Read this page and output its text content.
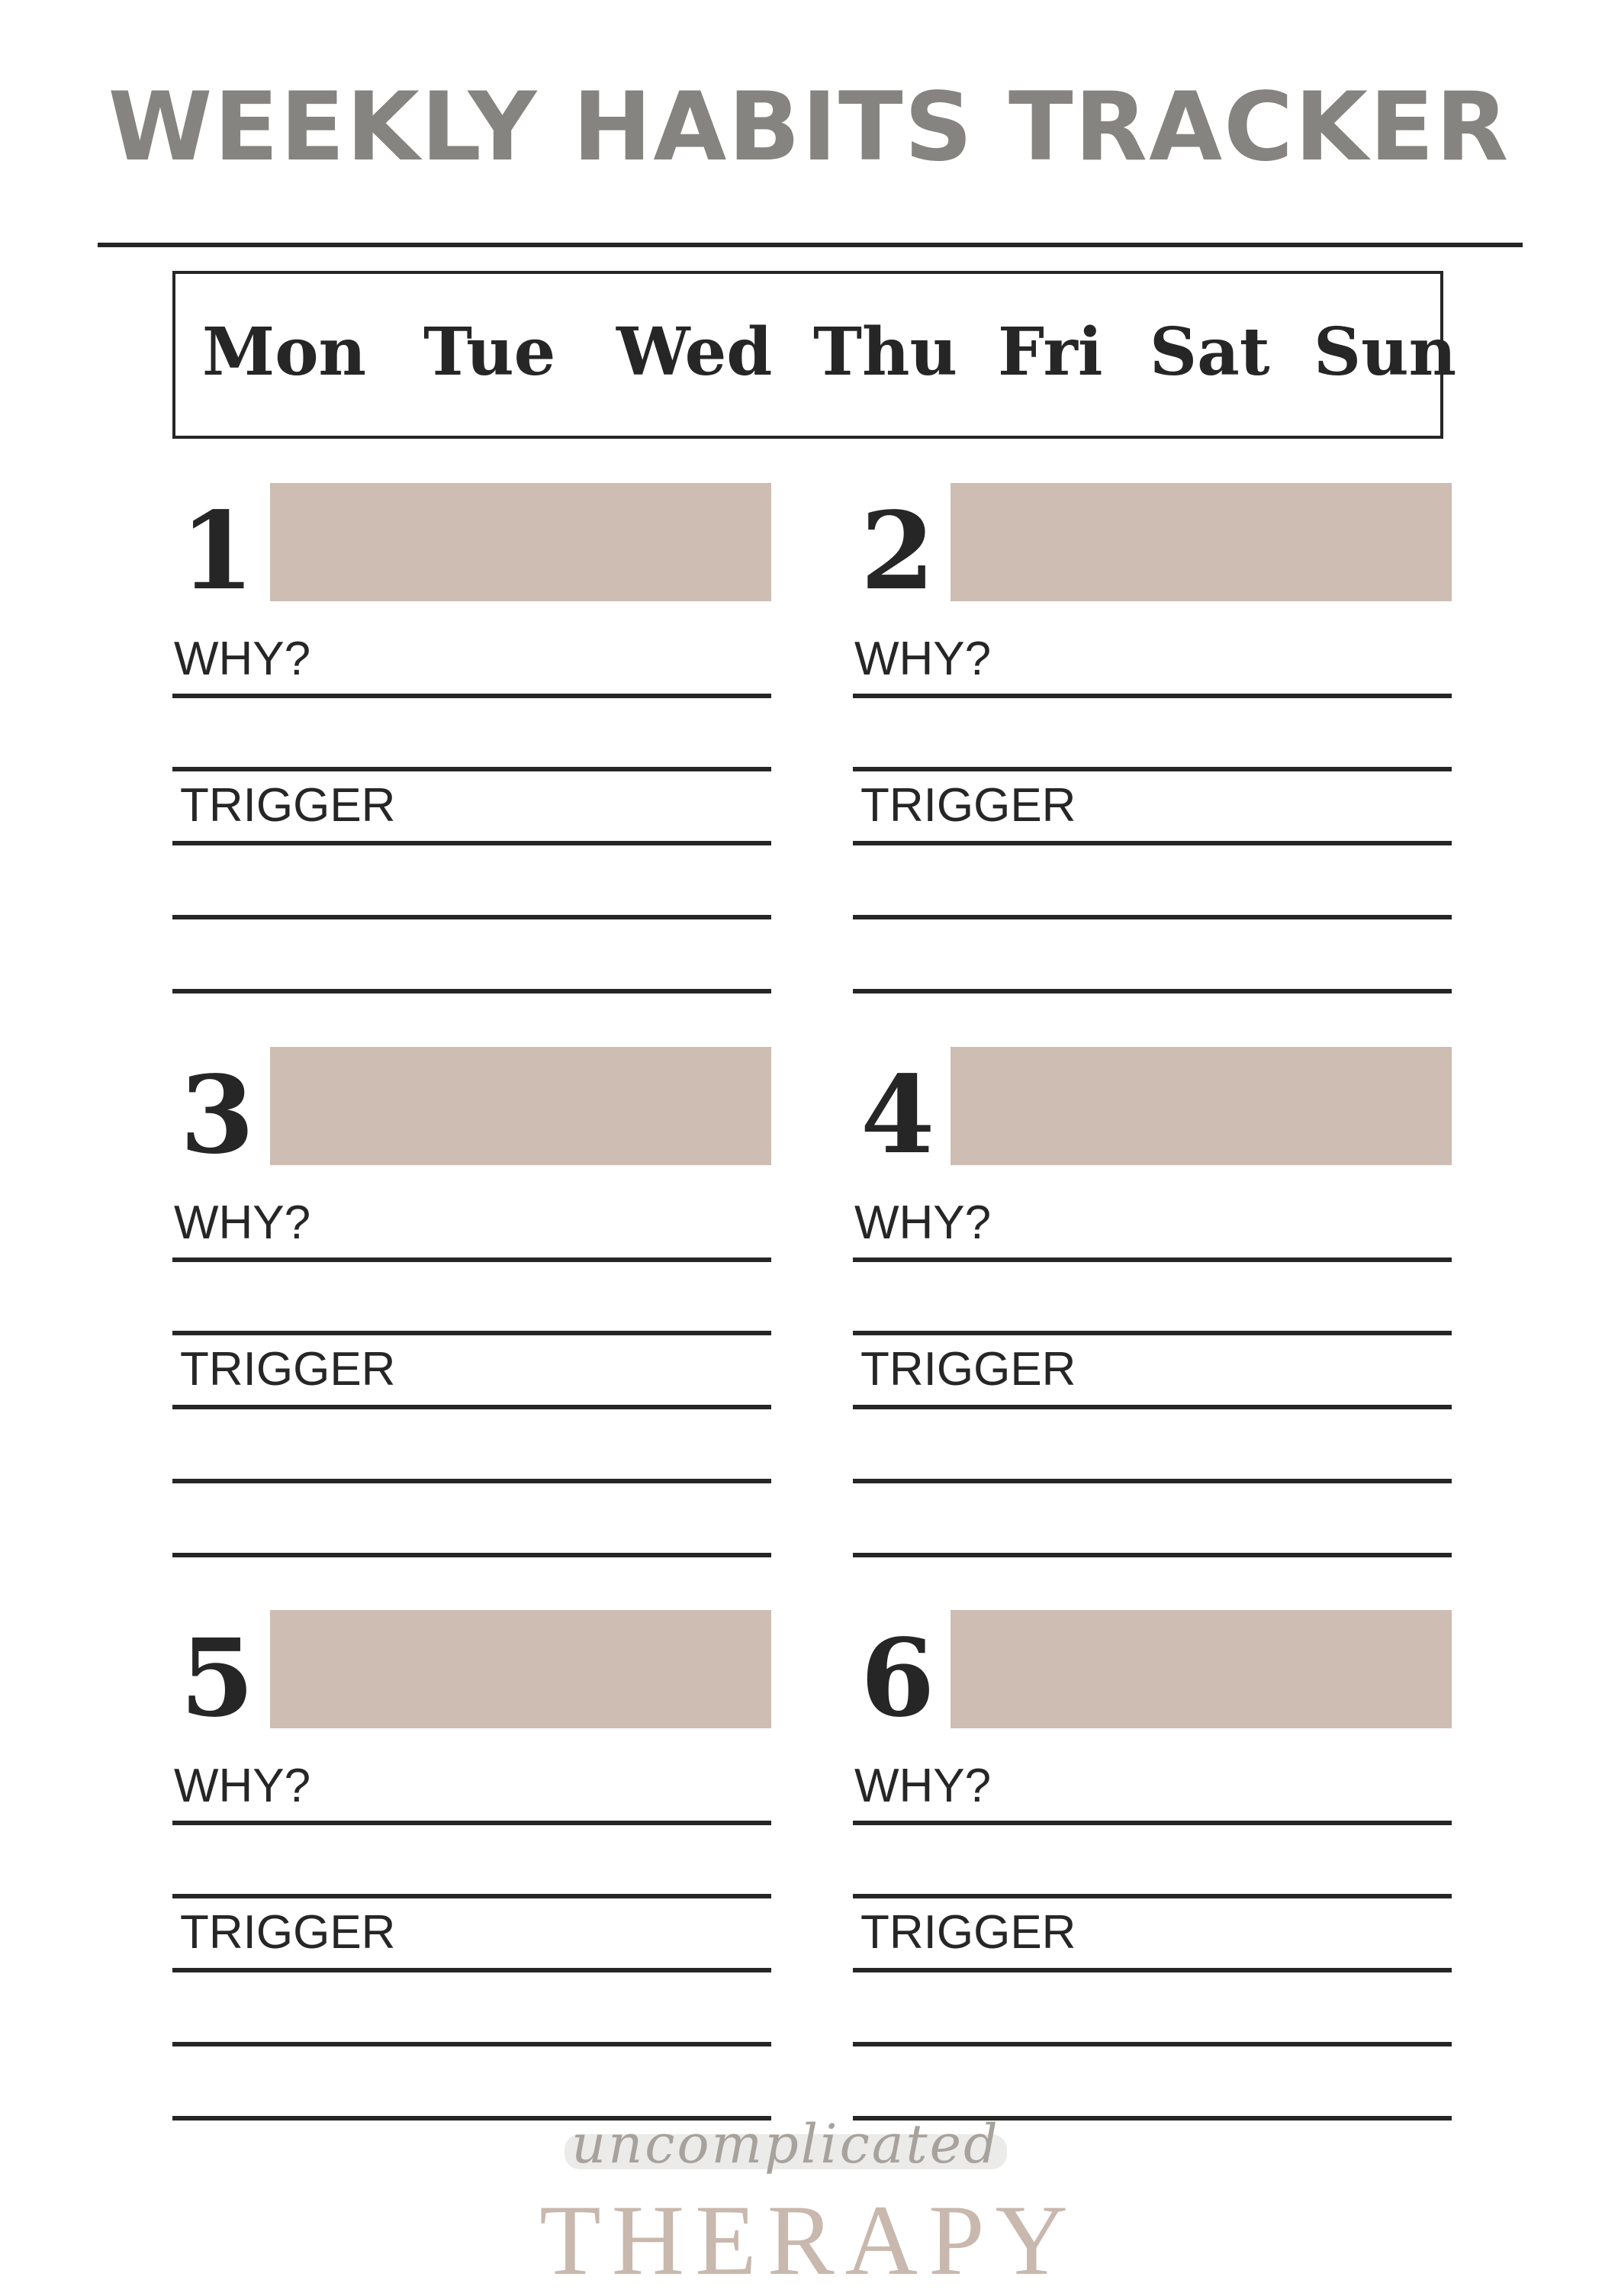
WEEKLY HABITS TRACKER
Mon Tue Wed Thu Fri Sat Sun
1
WHY?
TRIGGER
2
WHY?
TRIGGER
3
WHY?
TRIGGER
4
WHY?
TRIGGER
5
WHY?
TRIGGER
6
WHY?
TRIGGER
uncomplicated
THERAPY
